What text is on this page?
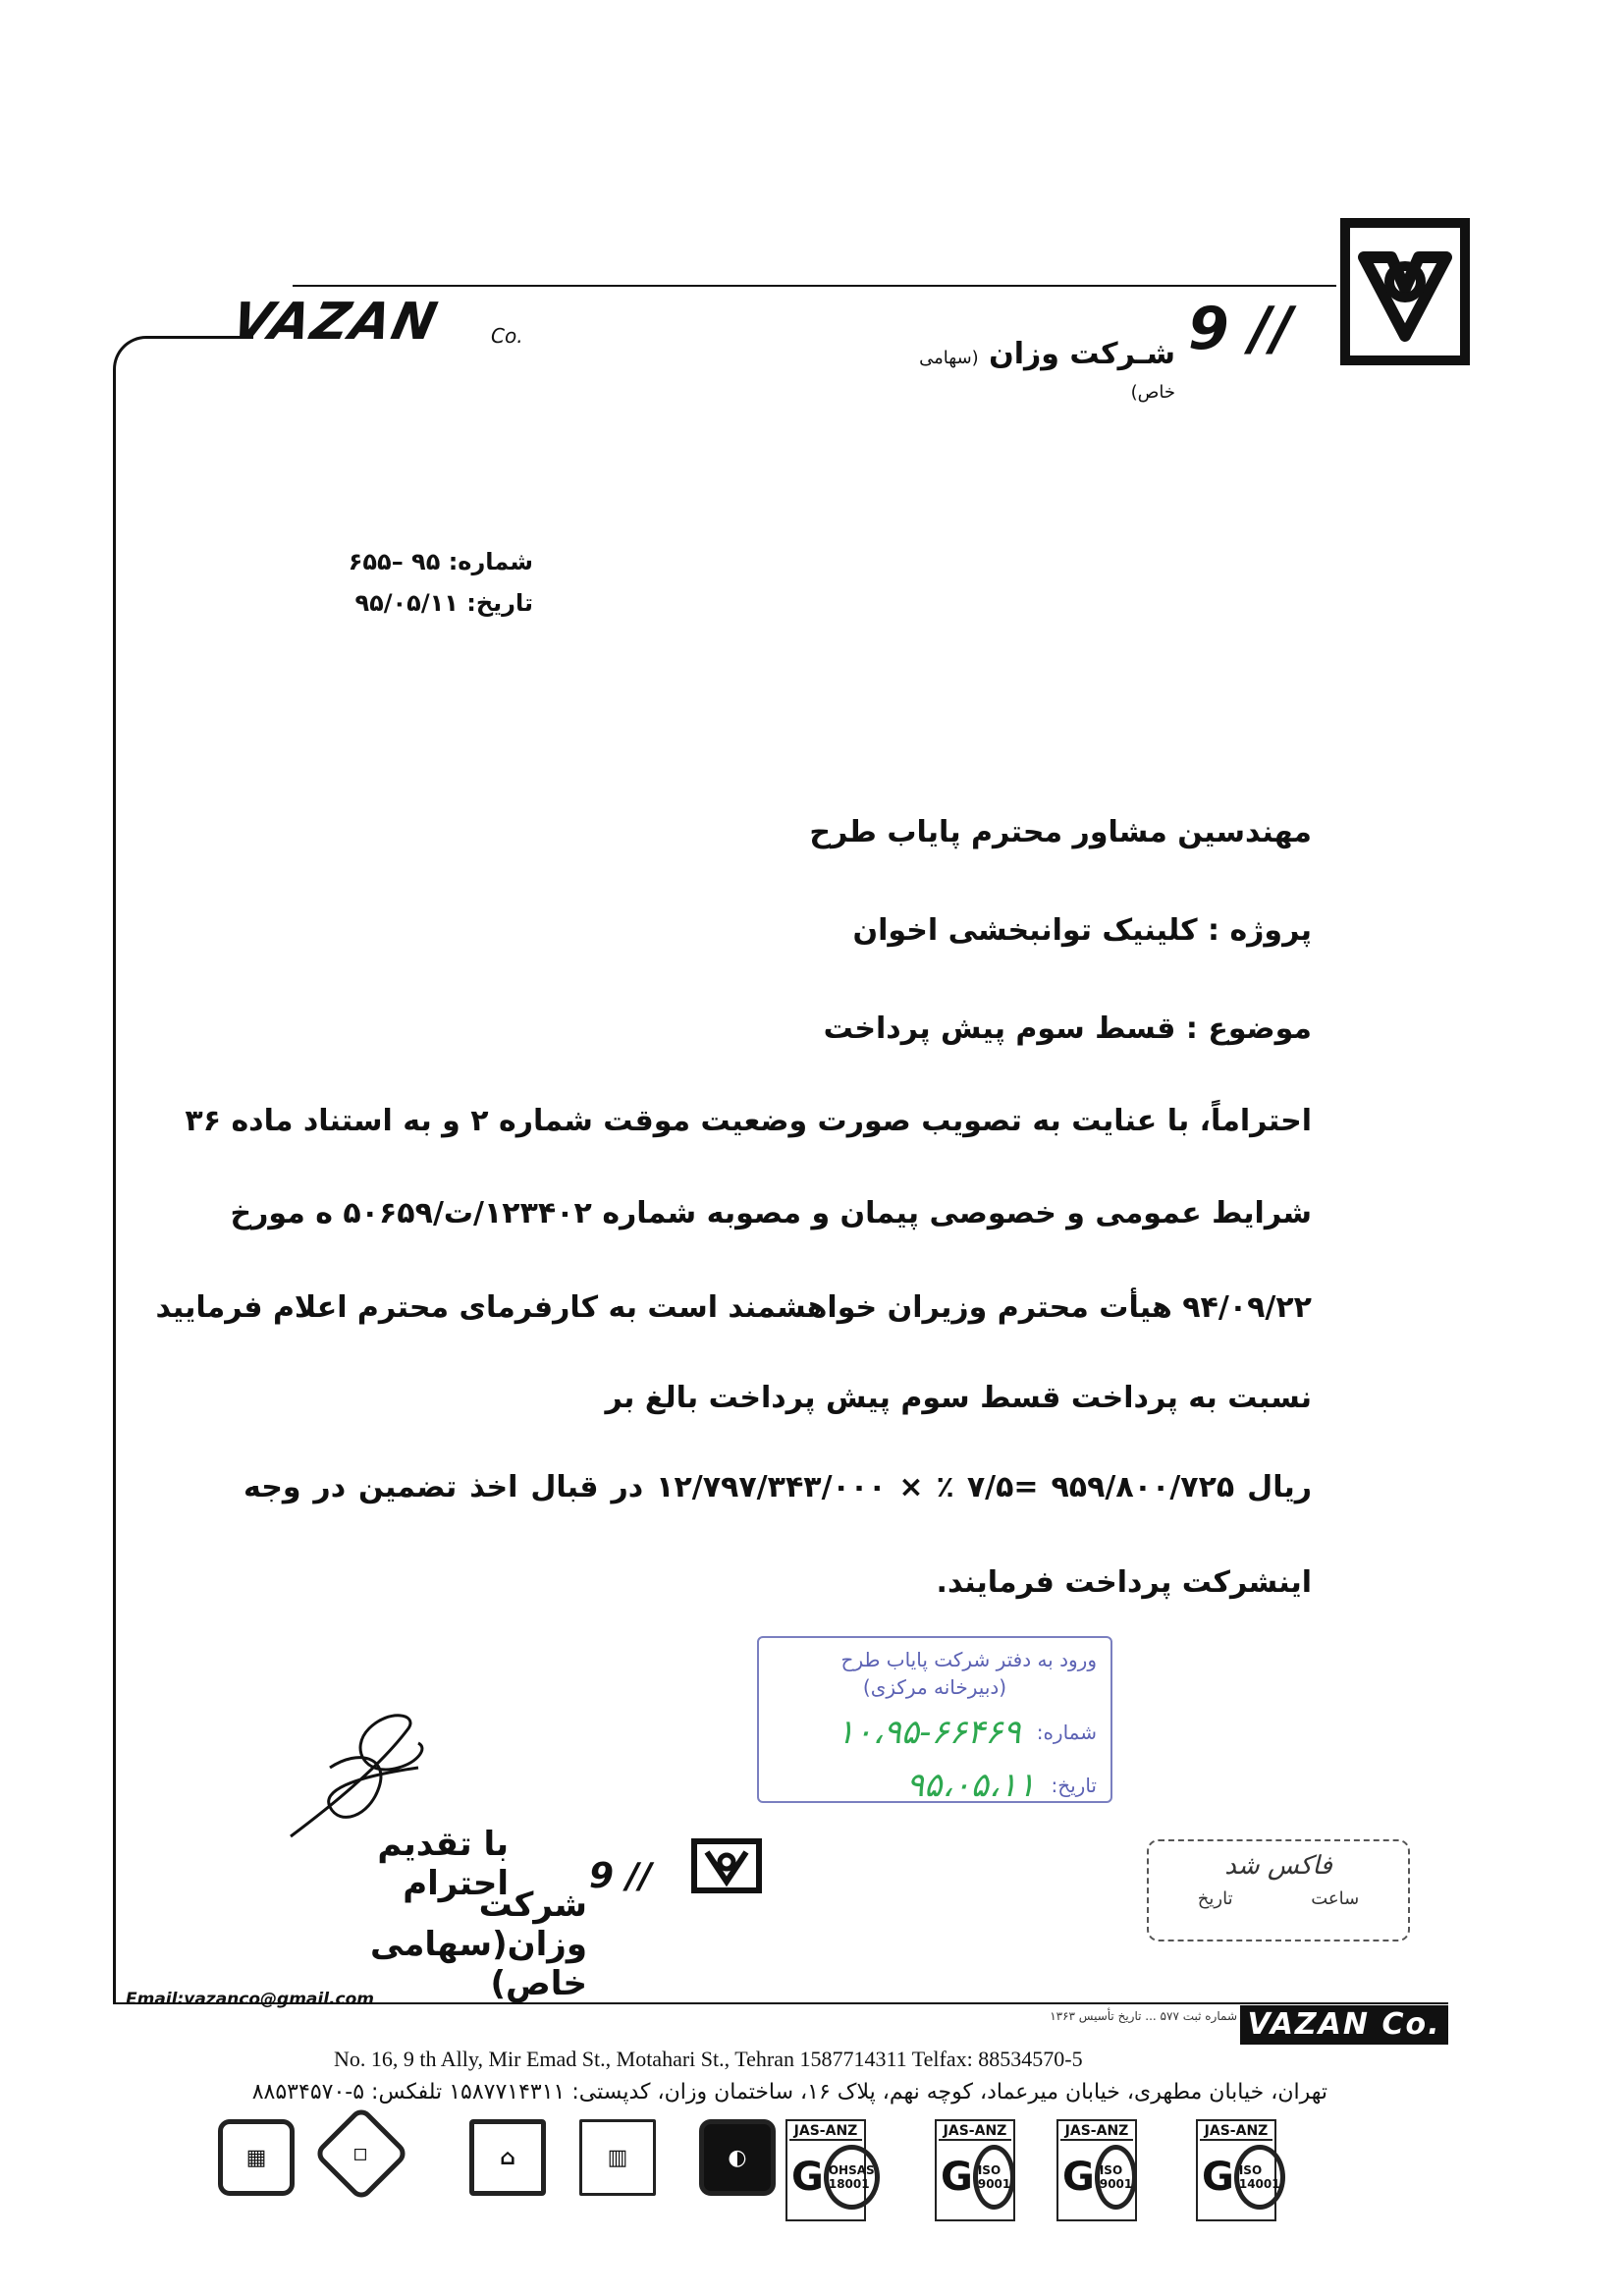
9 //
شـرکت وزان (سهامی خاص)
VAZAN Co.
شماره: ۹۵ –۶۵۵
تاریخ: ۹۵/۰۵/۱۱
مهندسین مشاور محترم پایاب طرح
پروژه : کلینیک توانبخشی اخوان
موضوع : قسط سوم پیش پرداخت
احتراماً، با عنایت به تصویب صورت وضعیت موقت شماره ۲ و به استناد ماده ۳۶
شرایط عمومی و خصوصی پیمان و مصوبه شماره ۱۲۳۴۰۲/ت/۵۰۶۵۹ ه مورخ
۹۴/۰۹/۲۲ هیأت محترم وزیران خواهشمند است به کارفرمای محترم اعلام فرمایید
نسبت به پرداخت قسط سوم پیش پرداخت بالغ بر
ریال ۹۵۹/۸۰۰/۷۲۵ =۷/۵ ٪ × ۱۲/۷۹۷/۳۴۳/۰۰۰ در قبال اخذ تضمین در وجه
اینشرکت پرداخت فرمایند.
ورود به دفتر شرکت پایاب طرح
(دبیرخانه مرکزی)
شماره:
۱۰،۹۵-۶۶۴۶۹
تاریخ:
۹۵،۰۵،۱۱
فاکس شد
ساعت
تاریخ
با تقدیم احترام
شرکت وزان(سهامی خاص)
9 //
Email:vazanco@gmail.com
شماره ثبت ۵۷۷ ... تاریخ تأسیس ۱۳۶۳ VAZAN Co.
No. 16, 9 th Ally, Mir Emad St., Motahari St., Tehran 1587714311 Telfax: 88534570-5
تهران، خیابان مطهری، خیابان میرعماد، کوچه نهم، پلاک ۱۶، ساختمان وزان، کدپستی: ۱۵۸۷۷۱۴۳۱۱ تلفکس: ۵-۸۸۵۳۴۵۷۰
▦	◇	⌂	▥	◐
JAS-ANZ
G OHSAS 18001
JAS-ANZ
G ISO 9001
JAS-ANZ
G ISO 9001
JAS-ANZ
G ISO 14001
